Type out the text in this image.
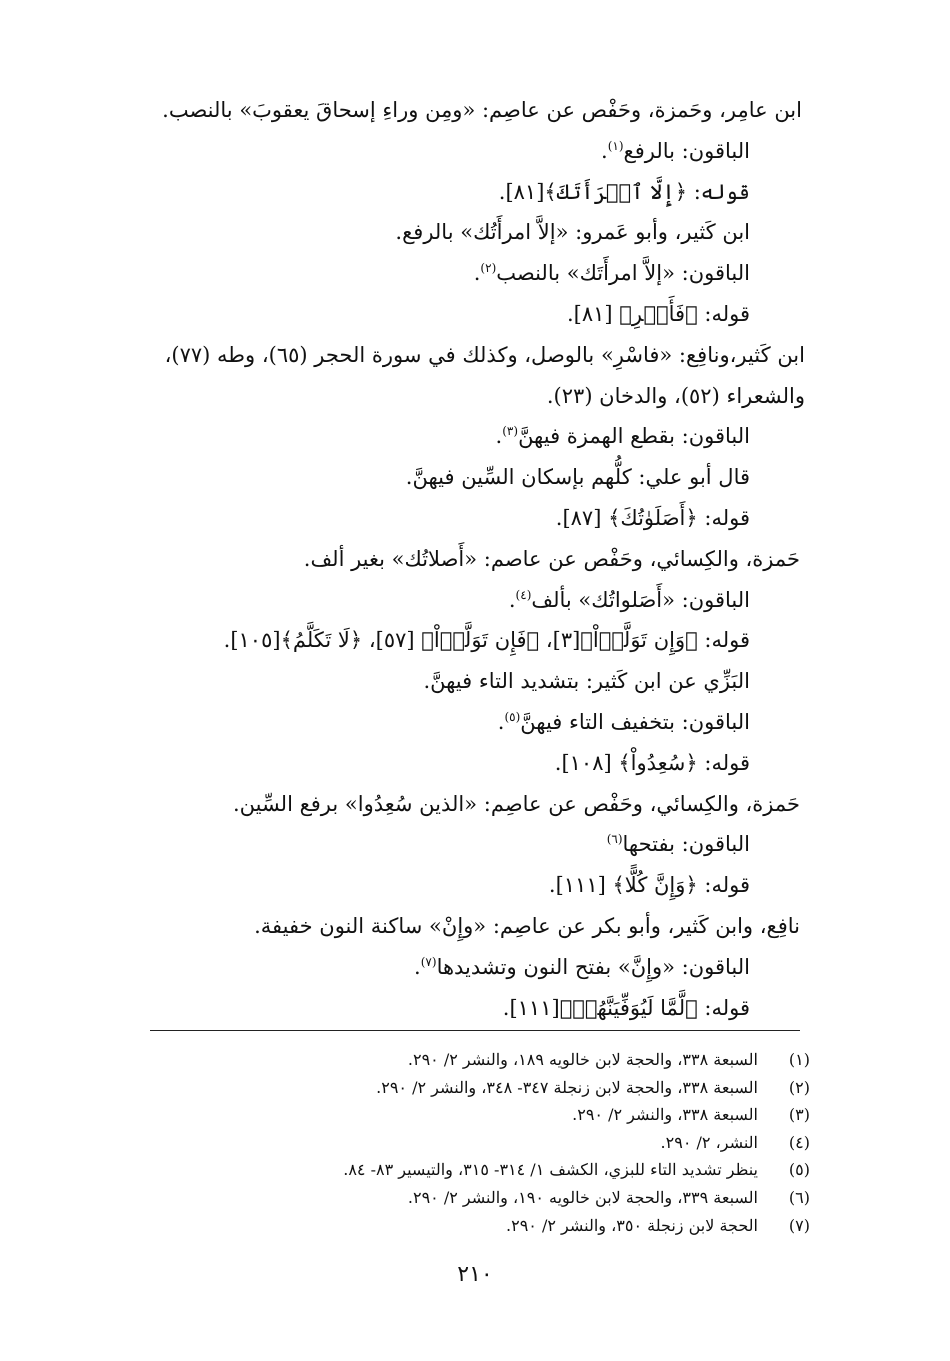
ابن عامِر، وحَمزة، وحَفْص عن عاصِم: «ومِن وراءِ إسحاقَ يعقوبَ» بالنصب.
الباقون: بالرفع$^{(١)}$.
قوله: ﴿إِلَّا ٱمۡرَأَتَكَ﴾[٨١].
ابن كَثير، وأبو عَمرو: «إلاَّ امرأَتُك» بالرفع.
الباقون: «إلاَّ امرأَتَك» بالنصب$^{(٢)}$.
قوله: ﴿فَأَسۡرِ﴾ [٨١].
ابن كَثير،ونافِع: «فاسْرِ» بالوصل، وكذلك في سورة الحجر (٦٥)، وطه (٧٧)،
والشعراء (٥٢)، والدخان (٢٣).
الباقون: بقطع الهمزة فيهنَّ$^{(٣)}$.
قال أبو علي: كلُّهم بإسكان السِّين فيهنَّ.
قوله: ﴿أَصَلَوٰتُكَ﴾ [٨٧].
حَمزة، والكِسائي، وحَفْص عن عاصم: «أَصلاتُك» بغير ألف.
الباقون: «أَصَلواتُك» بألف$^{(٤)}$.
قوله: ﴿وَإِن تَوَلَّوۡاْ﴾[٣]، ﴿فَإِن تَوَلَّوۡاْ﴾ [٥٧]، ﴿لَا تَكَلَّمُ﴾[١٠٥].
البَزِّي عن ابن كَثير: بتشديد التاء فيهنَّ.
الباقون: بتخفيف التاء فيهنَّ$^{(٥)}$.
قوله: ﴿سُعِدُواْ﴾ [١٠٨].
حَمزة، والكِسائي، وحَفْص عن عاصِم: «الذين سُعِدُوا» برفع السِّين.
الباقون: بفتحها$^{(٦)}$
قوله: ﴿وَإِنَّ كُلًّا﴾ [١١١].
نافِع، وابن كَثير، وأبو بكر عن عاصِم: «وإِنْ» ساكنة النون خفيفة.
الباقون: «وإِنَّ» بفتح النون وتشديدها$^{(٧)}$.
قوله: ﴿لَّمَّا لَيُوَفِّيَنَّهُمۡ﴾[١١١].
(١)
السبعة ٣٣٨، والحجة لابن خالويه ١٨٩، والنشر ٢/ ٢٩٠.
(٢)
السبعة ٣٣٨، والحجة لابن زنجلة ٣٤٧- ٣٤٨، والنشر ٢/ ٢٩٠.
(٣)
السبعة ٣٣٨، والنشر ٢/ ٢٩٠.
(٤)
النشر، ٢/ ٢٩٠.
(٥)
ينظر تشديد التاء للبزي، الكشف ١/ ٣١٤- ٣١٥، والتيسير ٨٣- ٨٤.
(٦)
السبعة ٣٣٩، والحجة لابن خالويه ١٩٠، والنشر ٢/ ٢٩٠.
(٧)
الحجة لابن زنجلة ٣٥٠، والنشر ٢/ ٢٩٠.
٢١٠
